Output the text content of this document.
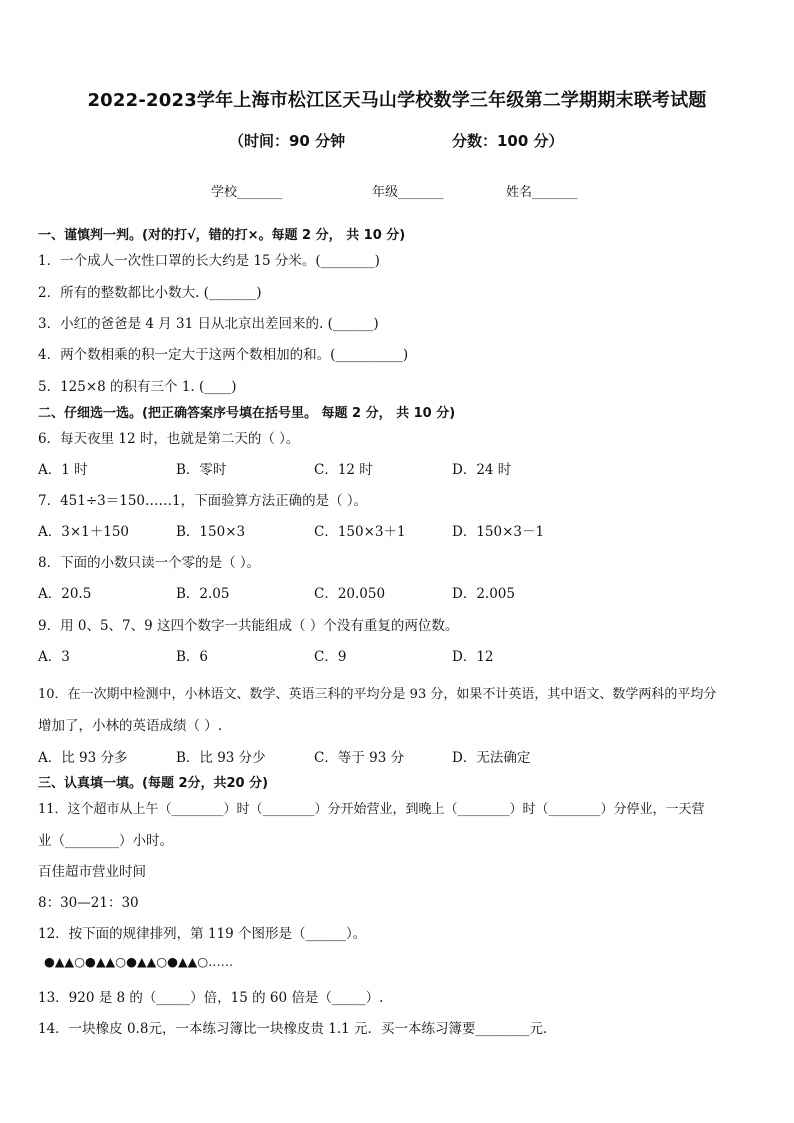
2022-2023学年上海市松江区天马山学校数学三年级第二学期期末联考试题
（时间：90 分钟	分数：100 分）
学校_______	年级_______	姓名_______
一、谨慎判一判。(对的打√，错的打×。每题 2 分， 共 10 分)
1．一个成人一次性口罩的长大约是 15 分米。(________)
2．所有的整数都比小数大. (_______)
3．小红的爸爸是 4 月 31 日从北京出差回来的. (______)
4．两个数相乘的积一定大于这两个数相加的和。(__________)
5．125×8 的积有三个 1. (____)
二、仔细选一选。(把正确答案序号填在括号里。 每题 2 分， 共 10 分)
6．每天夜里 12 时，也就是第二天的（ ）。
A．1 时	B．零时	C．12 时	D．24 时
7．451÷3＝150……1，下面验算方法正确的是（ ）。
A．3×1＋150	B．150×3	C．150×3＋1	D．150×3－1
8．下面的小数只读一个零的是（ ）。
A．20.5	B．2.05	C．20.050	D．2.005
9．用 0、5、7、9 这四个数字一共能组成（ ）个没有重复的两位数。
A．3	B．6	C．9	D．12
10．在一次期中检测中，小林语文、数学、英语三科的平均分是 93 分，如果不计英语，其中语文、数学两科的平均分
增加了，小林的英语成绩（ ）.
A．比 93 分多	B．比 93 分少	C．等于 93 分	D．无法确定
三、认真填一填。(每题 2分，共20 分)
11．这个超市从上午（________）时（________）分开始营业，到晚上（________）时（________）分停业，一天营
业（________）小时。
百佳超市营业时间
8：30—21：30
12．按下面的规律排列，第 119 个图形是（______）。
●▲▲○●▲▲○●▲▲○●▲▲○……
13．920 是 8 的（_____）倍，15 的 60 倍是（_____）.
14．一块橡皮 0.8元，一本练习簿比一块橡皮贵 1.1 元．买一本练习簿要________元.
